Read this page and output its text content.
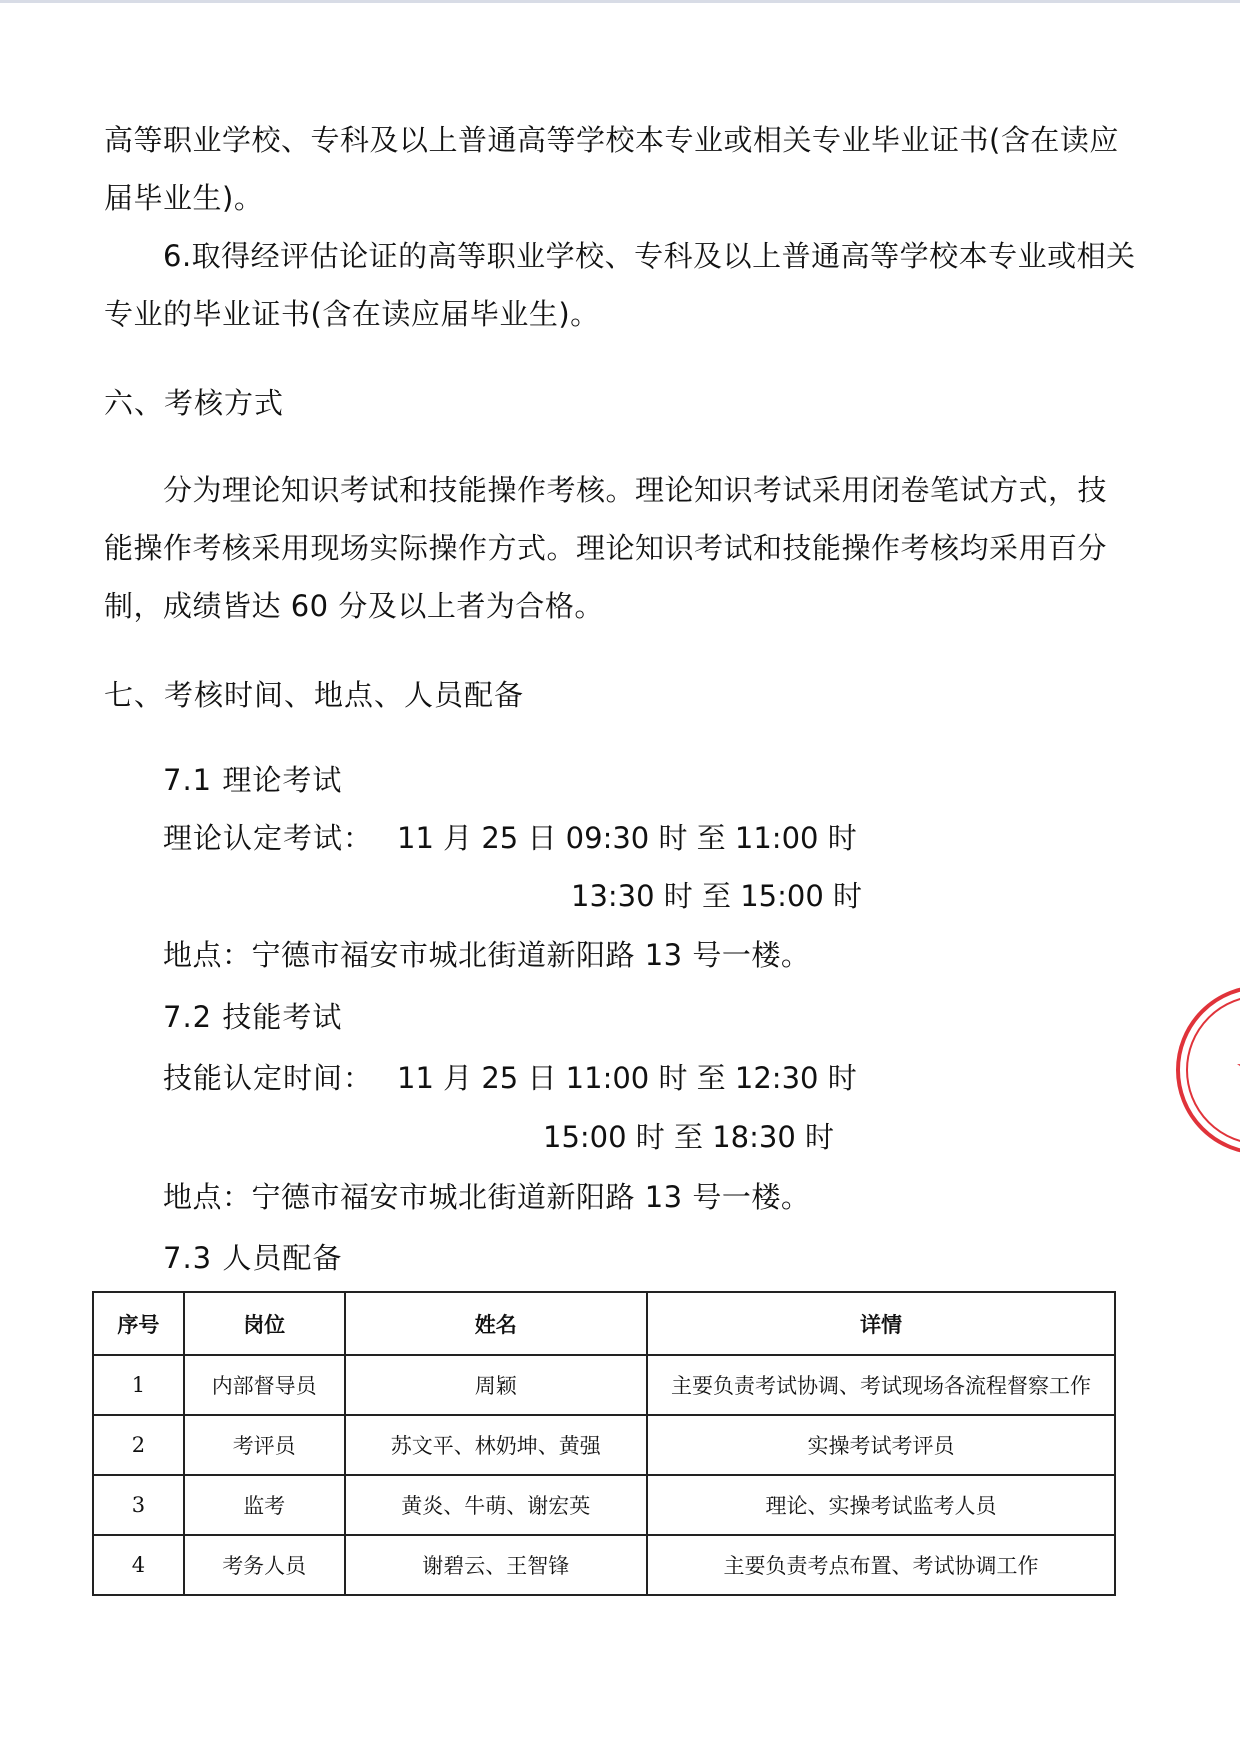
高等职业学校、专科及以上普通高等学校本专业或相关专业毕业证书(含在读应
届毕业生)。
6.取得经评估论证的高等职业学校、专科及以上普通高等学校本专业或相关
专业的毕业证书(含在读应届毕业生)。
六、考核方式
分为理论知识考试和技能操作考核。理论知识考试采用闭卷笔试方式，技
能操作考核采用现场实际操作方式。理论知识考试和技能操作考核均采用百分
制，成绩皆达 60 分及以上者为合格。
七、考核时间、地点、人员配备
7.1 理论考试
理论认定考试： 11 月 25 日 09:30 时 至 11:00 时
13:30 时 至 15:00 时
地点：宁德市福安市城北街道新阳路 13 号一楼。
7.2 技能考试
技能认定时间： 11 月 25 日 11:00 时 至 12:30 时
15:00 时 至 18:30 时
地点：宁德市福安市城北街道新阳路 13 号一楼。
7.3 人员配备
序号	岗位	姓名	详情
1	内部督导员	周颖	主要负责考试协调、考试现场各流程督察工作
2	考评员	苏文平、林奶坤、黄强	实操考试考评员
3	监考	黄炎、牛萌、谢宏英	理论、实操考试监考人员
4	考务人员	谢碧云、王智锋	主要负责考点布置、考试协调工作
